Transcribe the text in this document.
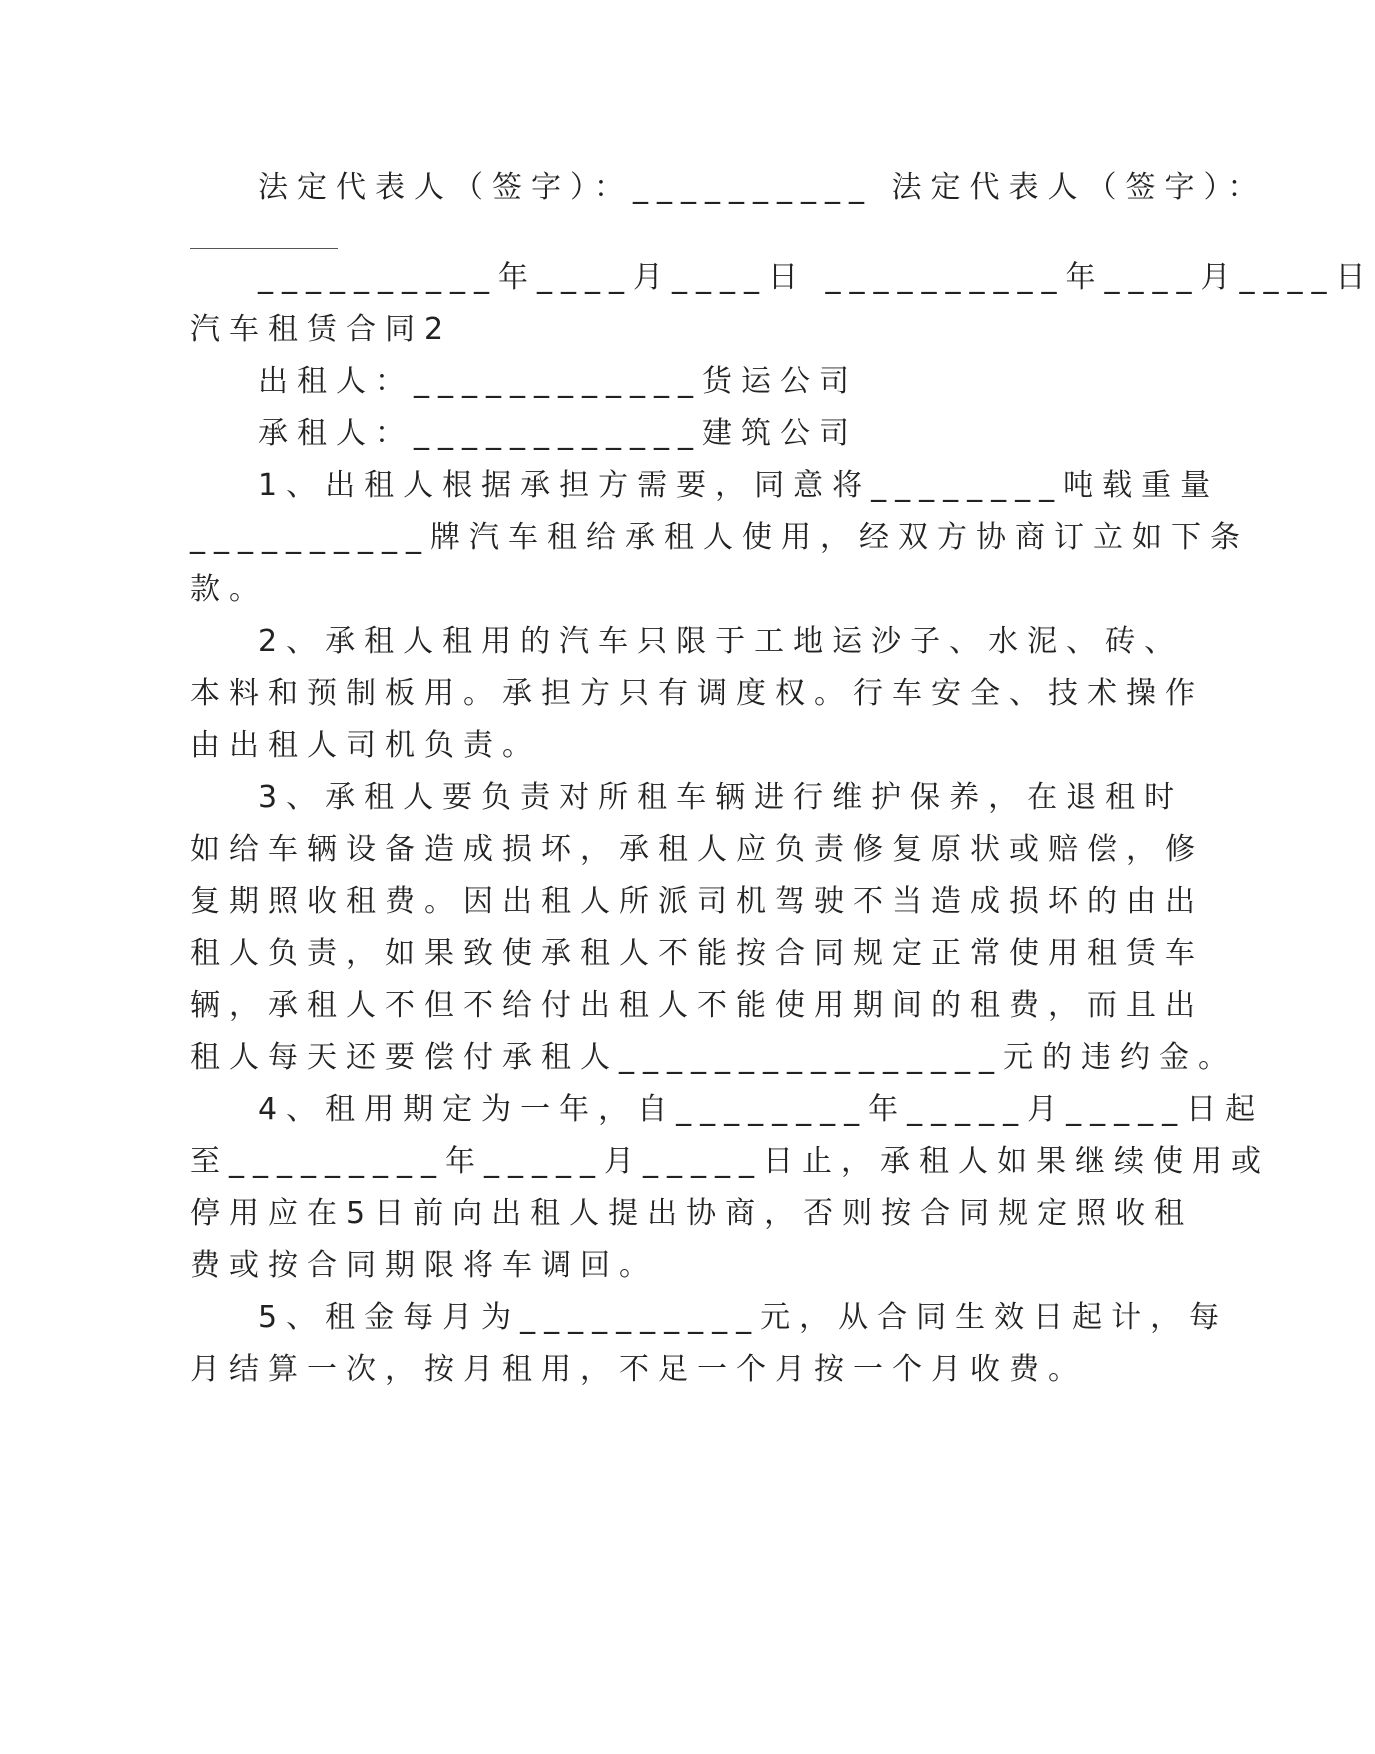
法定代表人（签字）：__________ 法定代表人（签字）：
__________年____月____日 __________年____月____日
汽车租赁合同2
出租人：____________货运公司
承租人：____________建筑公司
1、出租人根据承担方需要，同意将________吨载重量
__________牌汽车租给承租人使用，经双方协商订立如下条
款。
2、承租人租用的汽车只限于工地运沙子、水泥、砖、
本料和预制板用。承担方只有调度权。行车安全、技术操作
由出租人司机负责。
3、承租人要负责对所租车辆进行维护保养，在退租时
如给车辆设备造成损坏，承租人应负责修复原状或赔偿，修
复期照收租费。因出租人所派司机驾驶不当造成损坏的由出
租人负责，如果致使承租人不能按合同规定正常使用租赁车
辆，承租人不但不给付出租人不能使用期间的租费，而且出
租人每天还要偿付承租人________________元的违约金。
4、租用期定为一年，自________年_____月_____日起
至_________年_____月_____日止，承租人如果继续使用或
停用应在5日前向出租人提出协商，否则按合同规定照收租
费或按合同期限将车调回。
5、租金每月为__________元，从合同生效日起计，每
月结算一次，按月租用，不足一个月按一个月收费。
